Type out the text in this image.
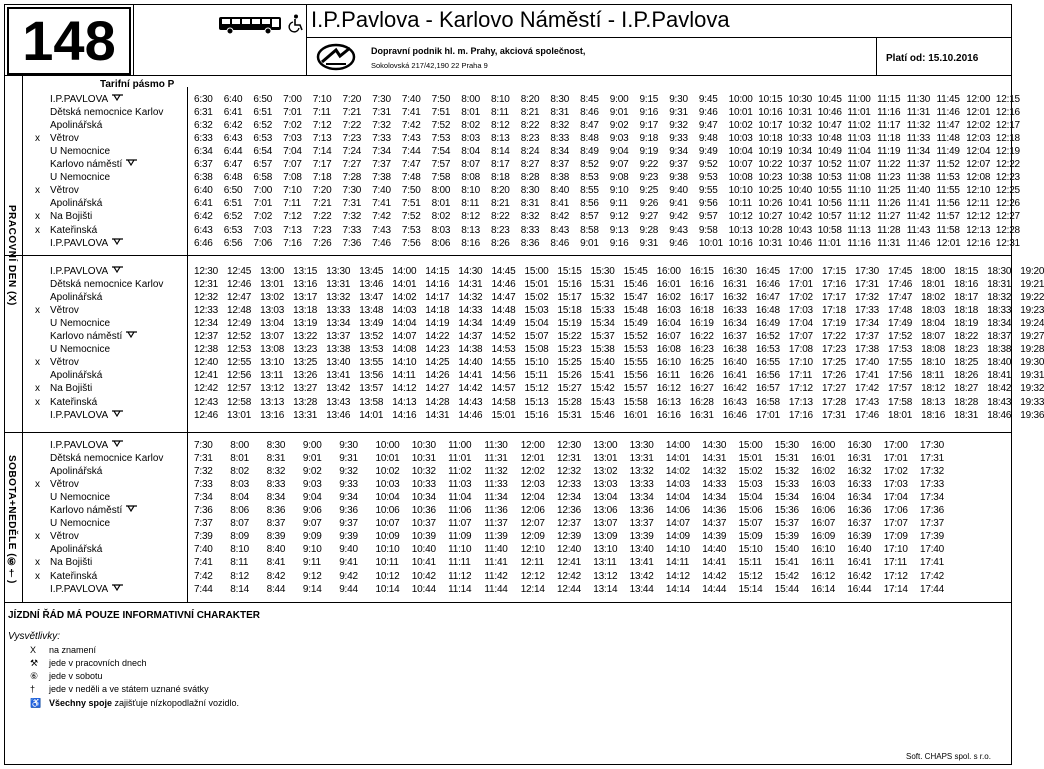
148	I.P.Pavlova - Karlovo Náměstí - I.P.Pavlova
Dopravní podnik hl. m. Prahy, akciová společnost,
Sokolovská 217/42,190 22 Praha 9
Platí od: 15.10.2016
Tarifní pásmo P
PRACOVNÍ DEN (X)
SOBOTA+NEDĚLE (⑥†)
I.P.PAVLOVA	6:30 6:40 6:50 7:00 7:10 7:20 7:30 7:40 7:50 8:00 8:10 8:20 8:30 8:45 9:00 9:15 9:30 9:45 10:00 10:15 10:30 10:45 11:00 11:15 11:30 11:45 12:00 12:15
Dětská nemocnice Karlov	6:31 6:41 6:51 7:01 7:11 7:21 7:31 7:41 7:51 8:01 8:11 8:21 8:31 8:46 9:01 9:16 9:31 9:46 10:01 10:16 10:31 10:46 11:01 11:16 11:31 11:46 12:01 12:16
Apolinářská	6:32 6:42 6:52 7:02 7:12 7:22 7:32 7:42 7:52 8:02 8:12 8:22 8:32 8:47 9:02 9:17 9:32 9:47 10:02 10:17 10:32 10:47 11:02 11:17 11:32 11:47 12:02 12:17
x Větrov	6:33 6:43 6:53 7:03 7:13 7:23 7:33 7:43 7:53 8:03 8:13 8:23 8:33 8:48 9:03 9:18 9:33 9:48 10:03 10:18 10:33 10:48 11:03 11:18 11:33 11:48 12:03 12:18
U Nemocnice	6:34 6:44 6:54 7:04 7:14 7:24 7:34 7:44 7:54 8:04 8:14 8:24 8:34 8:49 9:04 9:19 9:34 9:49 10:04 10:19 10:34 10:49 11:04 11:19 11:34 11:49 12:04 12:19
Karlovo náměstí	6:37 6:47 6:57 7:07 7:17 7:27 7:37 7:47 7:57 8:07 8:17 8:27 8:37 8:52 9:07 9:22 9:37 9:52 10:07 10:22 10:37 10:52 11:07 11:22 11:37 11:52 12:07 12:22
U Nemocnice	6:38 6:48 6:58 7:08 7:18 7:28 7:38 7:48 7:58 8:08 8:18 8:28 8:38 8:53 9:08 9:23 9:38 9:53 10:08 10:23 10:38 10:53 11:08 11:23 11:38 11:53 12:08 12:23
x Větrov	6:40 6:50 7:00 7:10 7:20 7:30 7:40 7:50 8:00 8:10 8:20 8:30 8:40 8:55 9:10 9:25 9:40 9:55 10:10 10:25 10:40 10:55 11:10 11:25 11:40 11:55 12:10 12:25
Apolinářská	6:41 6:51 7:01 7:11 7:21 7:31 7:41 7:51 8:01 8:11 8:21 8:31 8:41 8:56 9:11 9:26 9:41 9:56 10:11 10:26 10:41 10:56 11:11 11:26 11:41 11:56 12:11 12:26
x Na Bojišti	6:42 6:52 7:02 7:12 7:22 7:32 7:42 7:52 8:02 8:12 8:22 8:32 8:42 8:57 9:12 9:27 9:42 9:57 10:12 10:27 10:42 10:57 11:12 11:27 11:42 11:57 12:12 12:27
x Kateřinská	6:43 6:53 7:03 7:13 7:23 7:33 7:43 7:53 8:03 8:13 8:23 8:33 8:43 8:58 9:13 9:28 9:43 9:58 10:13 10:28 10:43 10:58 11:13 11:28 11:43 11:58 12:13 12:28
I.P.PAVLOVA	6:46 6:56 7:06 7:16 7:26 7:36 7:46 7:56 8:06 8:16 8:26 8:36 8:46 9:01 9:16 9:31 9:46 10:01 10:16 10:31 10:46 11:01 11:16 11:31 11:46 12:01 12:16 12:31
I.P.PAVLOVA	12:30 12:45 13:00 13:15 13:30 13:45 14:00 14:15 14:30 14:45 15:00 15:15 15:30 15:45 16:00 16:15 16:30 16:45 17:00 17:15 17:30 17:45 18:00 18:15 18:30 19:20
Dětská nemocnice Karlov	12:31 12:46 13:01 13:16 13:31 13:46 14:01 14:16 14:31 14:46 15:01 15:16 15:31 15:46 16:01 16:16 16:31 16:46 17:01 17:16 17:31 17:46 18:01 18:16 18:31 19:21
Apolinářská	12:32 12:47 13:02 13:17 13:32 13:47 14:02 14:17 14:32 14:47 15:02 15:17 15:32 15:47 16:02 16:17 16:32 16:47 17:02 17:17 17:32 17:47 18:02 18:17 18:32 19:22
x Větrov	12:33 12:48 13:03 13:18 13:33 13:48 14:03 14:18 14:33 14:48 15:03 15:18 15:33 15:48 16:03 16:18 16:33 16:48 17:03 17:18 17:33 17:48 18:03 18:18 18:33 19:23
U Nemocnice	12:34 12:49 13:04 13:19 13:34 13:49 14:04 14:19 14:34 14:49 15:04 15:19 15:34 15:49 16:04 16:19 16:34 16:49 17:04 17:19 17:34 17:49 18:04 18:19 18:34 19:24
Karlovo náměstí	12:37 12:52 13:07 13:22 13:37 13:52 14:07 14:22 14:37 14:52 15:07 15:22 15:37 15:52 16:07 16:22 16:37 16:52 17:07 17:22 17:37 17:52 18:07 18:22 18:37 19:27
U Nemocnice	12:38 12:53 13:08 13:23 13:38 13:53 14:08 14:23 14:38 14:53 15:08 15:23 15:38 15:53 16:08 16:23 16:38 16:53 17:08 17:23 17:38 17:53 18:08 18:23 18:38 19:28
x Větrov	12:40 12:55 13:10 13:25 13:40 13:55 14:10 14:25 14:40 14:55 15:10 15:25 15:40 15:55 16:10 16:25 16:40 16:55 17:10 17:25 17:40 17:55 18:10 18:25 18:40 19:30
Apolinářská	12:41 12:56 13:11 13:26 13:41 13:56 14:11 14:26 14:41 14:56 15:11 15:26 15:41 15:56 16:11 16:26 16:41 16:56 17:11 17:26 17:41 17:56 18:11 18:26 18:41 19:31
x Na Bojišti	12:42 12:57 13:12 13:27 13:42 13:57 14:12 14:27 14:42 14:57 15:12 15:27 15:42 15:57 16:12 16:27 16:42 16:57 17:12 17:27 17:42 17:57 18:12 18:27 18:42 19:32
x Kateřinská	12:43 12:58 13:13 13:28 13:43 13:58 14:13 14:28 14:43 14:58 15:13 15:28 15:43 15:58 16:13 16:28 16:43 16:58 17:13 17:28 17:43 17:58 18:13 18:28 18:43 19:33
I.P.PAVLOVA	12:46 13:01 13:16 13:31 13:46 14:01 14:16 14:31 14:46 15:01 15:16 15:31 15:46 16:01 16:16 16:31 16:46 17:01 17:16 17:31 17:46 18:01 18:16 18:31 18:46 19:36
I.P.PAVLOVA	7:30 8:00 8:30 9:00 9:30 10:00 10:30 11:00 11:30 12:00 12:30 13:00 13:30 14:00 14:30 15:00 15:30 16:00 16:30 17:00 17:30
Dětská nemocnice Karlov	7:31 8:01 8:31 9:01 9:31 10:01 10:31 11:01 11:31 12:01 12:31 13:01 13:31 14:01 14:31 15:01 15:31 16:01 16:31 17:01 17:31
Apolinářská	7:32 8:02 8:32 9:02 9:32 10:02 10:32 11:02 11:32 12:02 12:32 13:02 13:32 14:02 14:32 15:02 15:32 16:02 16:32 17:02 17:32
x Větrov	7:33 8:03 8:33 9:03 9:33 10:03 10:33 11:03 11:33 12:03 12:33 13:03 13:33 14:03 14:33 15:03 15:33 16:03 16:33 17:03 17:33
U Nemocnice	7:34 8:04 8:34 9:04 9:34 10:04 10:34 11:04 11:34 12:04 12:34 13:04 13:34 14:04 14:34 15:04 15:34 16:04 16:34 17:04 17:34
Karlovo náměstí	7:36 8:06 8:36 9:06 9:36 10:06 10:36 11:06 11:36 12:06 12:36 13:06 13:36 14:06 14:36 15:06 15:36 16:06 16:36 17:06 17:36
U Nemocnice	7:37 8:07 8:37 9:07 9:37 10:07 10:37 11:07 11:37 12:07 12:37 13:07 13:37 14:07 14:37 15:07 15:37 16:07 16:37 17:07 17:37
x Větrov	7:39 8:09 8:39 9:09 9:39 10:09 10:39 11:09 11:39 12:09 12:39 13:09 13:39 14:09 14:39 15:09 15:39 16:09 16:39 17:09 17:39
Apolinářská	7:40 8:10 8:40 9:10 9:40 10:10 10:40 11:10 11:40 12:10 12:40 13:10 13:40 14:10 14:40 15:10 15:40 16:10 16:40 17:10 17:40
x Na Bojišti	7:41 8:11 8:41 9:11 9:41 10:11 10:41 11:11 11:41 12:11 12:41 13:11 13:41 14:11 14:41 15:11 15:41 16:11 16:41 17:11 17:41
x Kateřinská	7:42 8:12 8:42 9:12 9:42 10:12 10:42 11:12 11:42 12:12 12:42 13:12 13:42 14:12 14:42 15:12 15:42 16:12 16:42 17:12 17:42
I.P.PAVLOVA	7:44 8:14 8:44 9:14 9:44 10:14 10:44 11:14 11:44 12:14 12:44 13:14 13:44 14:14 14:44 15:14 15:44 16:14 16:44 17:14 17:44
JÍZDNÍ ŘÁD MÁ POUZE INFORMATIVNÍ CHARAKTER
Vysvětlivky:
X na znamení
⚒ jede v pracovních dnech
⑥ jede v sobotu
† jede v neděli a ve státem uznané svátky
♿ Všechny spoje zajišťuje nízkopodlažní vozidlo.
Soft. CHAPS spol. s r.o.
